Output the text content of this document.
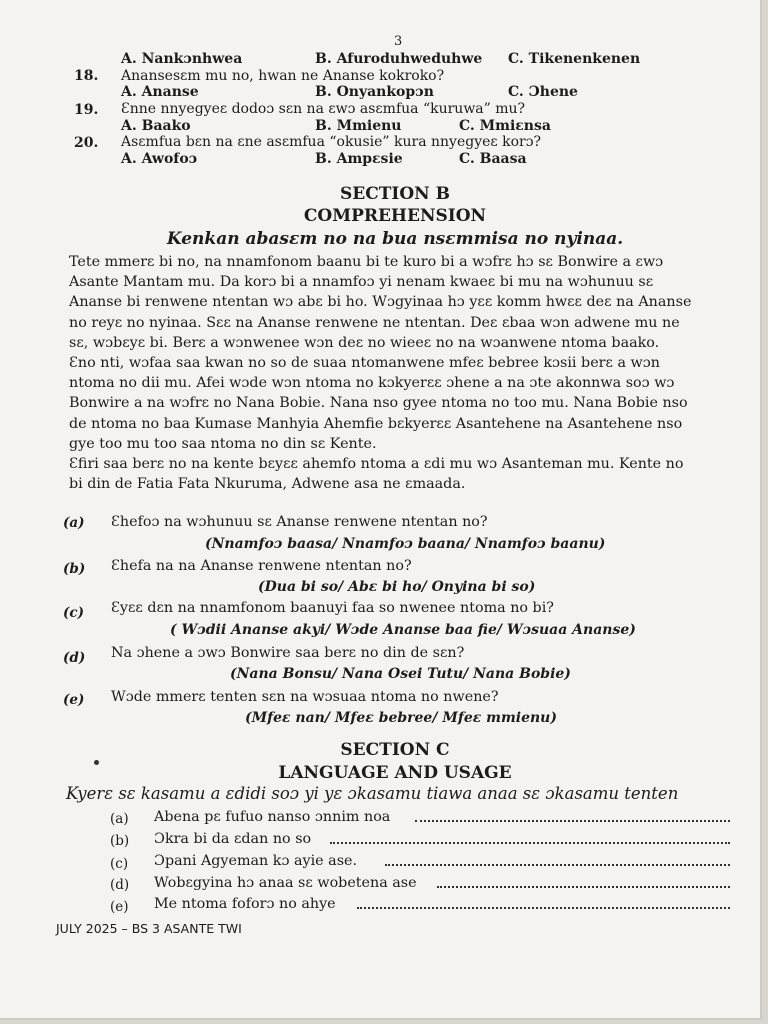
3
A. Nankɔnhwea	B. Afuroduhweduhwe C. Tikenenkenen
18. Anansesɛm mu no, hwan ne Ananse kokroko?
A. Ananse	B. Onyankopɔn	C. Ɔhene
19. Ɛnne nnyegyeɛ dodoɔ sɛn na ɛwɔ asɛmfua “kuruwa” mu?
A. Baako	B. Mmienu	C. Mmiɛnsa
20. Asɛmfua bɛn na ɛne asɛmfua “okusie” kura nnyegyeɛ korɔ?
A. Awofoɔ	B. Ampɛsie	C. Baasa
SECTION B
COMPREHENSION
Kenkan abasɛm no na bua nsɛmmisa no nyinaa.
Tete mmerɛ bi no, na nnamfonom baanu bi te kuro bi a wɔfrɛ hɔ sɛ Bonwire a ɛwɔ
Asante Mantam mu. Da korɔ bi a nnamfoɔ yi nenam kwaeɛ bi mu na wɔhunuu sɛ
Ananse bi renwene ntentan wɔ abɛ bi ho. Wɔgyinaa hɔ yɛɛ komm hwɛɛ deɛ na Ananse
no reyɛ no nyinaa. Sɛɛ na Ananse renwene ne ntentan. Deɛ ɛbaa wɔn adwene mu ne
sɛ, wɔbɛyɛ bi. Berɛ a wɔnwenee wɔn deɛ no wieeɛ no na wɔanwene ntoma baako.
Ɛno nti, wɔfaa saa kwan no so de suaa ntomanwene mfeɛ bebree kɔsii berɛ a wɔn
ntoma no dii mu. Afei wɔde wɔn ntoma no kɔkyerɛɛ ɔhene a na ɔte akonnwa soɔ wɔ
Bonwire a na wɔfrɛ no Nana Bobie. Nana nso gyee ntoma no too mu. Nana Bobie nso
de ntoma no baa Kumase Manhyia Ahemfie bɛkyerɛɛ Asantehene na Asantehene nso
gye too mu too saa ntoma no din sɛ Kente.
Ɛfiri saa berɛ no na kente bɛyɛɛ ahemfo ntoma a ɛdi mu wɔ Asanteman mu. Kente no
bi din de Fatia Fata Nkuruma, Adwene asa ne ɛmaada.
(a) Ɛhefoɔ na wɔhunuu sɛ Ananse renwene ntentan no?
(Nnamfoɔ baasa/ Nnamfoɔ baana/ Nnamfoɔ baanu)
(b) Ɛhefa na na Ananse renwene ntentan no?
(Dua bi so/ Abɛ bi ho/ Onyina bi so)
(c) Ɛyɛɛ dɛn na nnamfonom baanuyi faa so nwenee ntoma no bi?
( Wɔdii Ananse akyi/ Wɔde Ananse baa fie/ Wɔsuaa Ananse)
(d) Na ɔhene a ɔwɔ Bonwire saa berɛ no din de sɛn?
(Nana Bonsu/ Nana Osei Tutu/ Nana Bobie)
(e) Wɔde mmerɛ tenten sɛn na wɔsuaa ntoma no nwene?
(Mfeɛ nan/ Mfeɛ bebree/ Mfeɛ mmienu)
SECTION C
LANGUAGE AND USAGE
Kyerɛ sɛ kasamu a ɛdidi soɔ yi yɛ ɔkasamu tiawa anaa sɛ ɔkasamu tenten
(a) Abena pɛ fufuo nanso ɔnnim noa
(b) Ɔkra bi da ɛdan no so
(c) Ɔpani Agyeman kɔ ayie ase.
(d) Wobɛgyina hɔ anaa sɛ wobetena ase
(e) Me ntoma foforɔ no ahye
JULY 2025 – BS 3 ASANTE TWI
